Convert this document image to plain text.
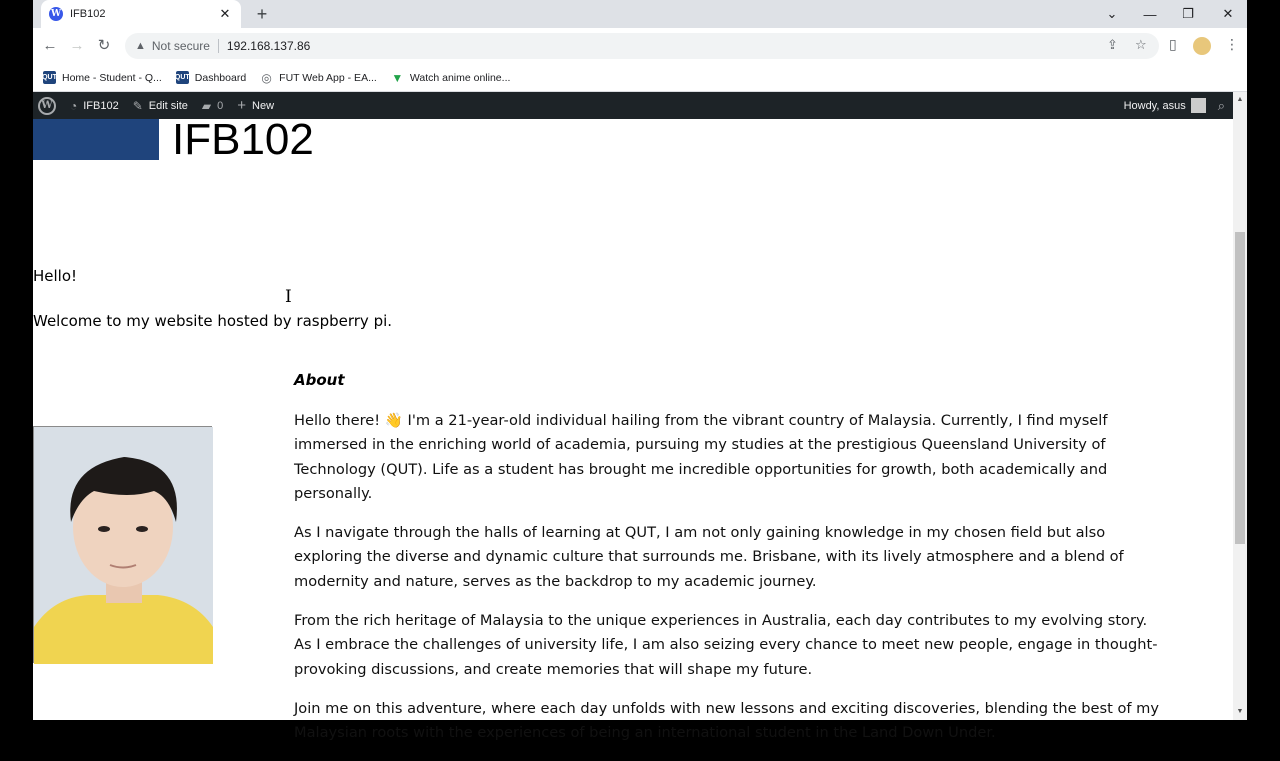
W IFB102	✕	+	⌄	—	❐	✕
← → ↻	▲ Not secure	192.168.137.86	⇪ ☆ ▯	⋮
QUT Home - Student - Q... QUT Dashboard ◎ FUT Web App - EA... ▼ Watch anime online...
W ◔ IFB102 ✎ Edit site ▰ 0 + New	Howdy, asus ⌕
IFB102
Hello!
Welcome to my website hosted by raspberry pi.
I
About

Hello there! 👋 I'm a 21-year-old individual hailing from the vibrant country of Malaysia. Currently, I find myself immersed in the enriching world of academia, pursuing my studies at the prestigious Queensland University of Technology (QUT). Life as a student has brought me incredible opportunities for growth, both academically and personally.

As I navigate through the halls of learning at QUT, I am not only gaining knowledge in my chosen field but also exploring the diverse and dynamic culture that surrounds me. Brisbane, with its lively atmosphere and a blend of modernity and nature, serves as the backdrop to my academic journey.

From the rich heritage of Malaysia to the unique experiences in Australia, each day contributes to my evolving story. As I embrace the challenges of university life, I am also seizing every chance to meet new people, engage in thought-provoking discussions, and create memories that will shape my future.

Join me on this adventure, where each day unfolds with new lessons and exciting discoveries, blending the best of my Malaysian roots with the experiences of being an international student in the Land Down Under.

▲
▼
